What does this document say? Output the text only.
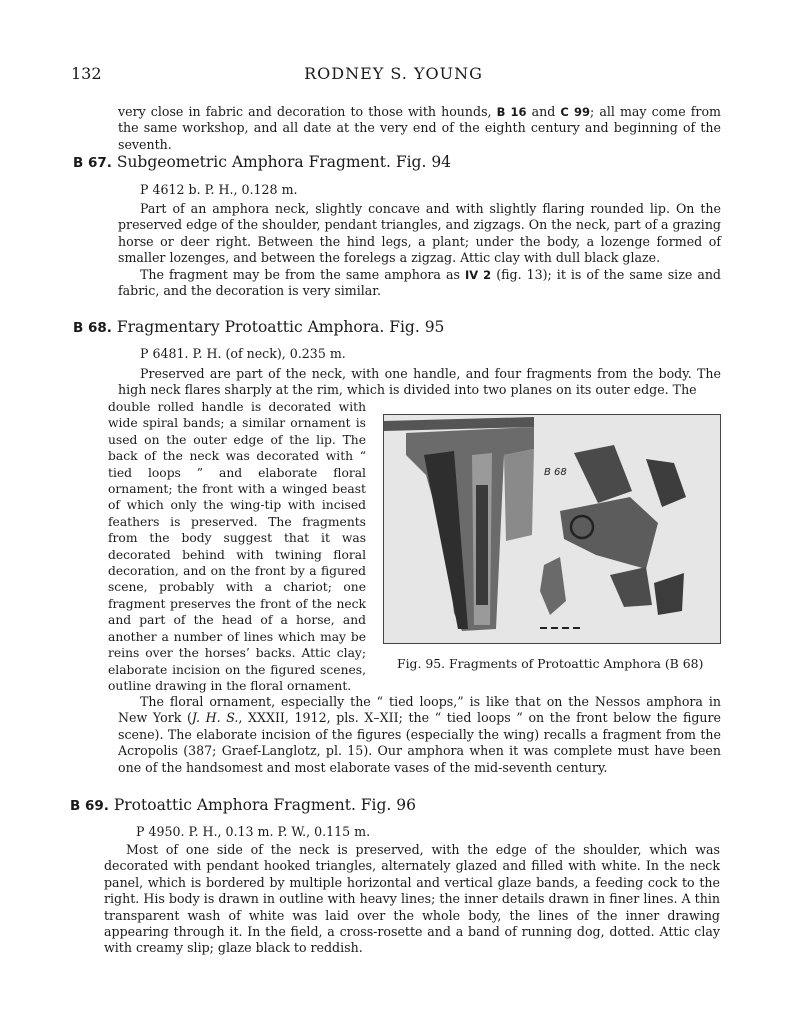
132	RODNEY S. YOUNG

very close in fabric and decoration to those with hounds, B 16 and C 99; all may come from the same workshop, and all date at the very end of the eighth century and beginning of the seventh.

B 67. Subgeometric Amphora Fragment. Fig. 94
P 4612 b. P. H., 0.128 m.

Part of an amphora neck, slightly concave and with slightly flaring rounded lip. On the preserved edge of the shoulder, pendant triangles, and zigzags. On the neck, part of a grazing horse or deer right. Between the hind legs, a plant; under the body, a lozenge formed of smaller lozenges, and between the forelegs a zigzag. Attic clay with dull black glaze.

The fragment may be from the same amphora as IV 2 (fig. 13); it is of the same size and fabric, and the decoration is very similar.

B 68. Fragmentary Protoattic Amphora. Fig. 95
P 6481. P. H. (of neck), 0.235 m.

Preserved are part of the neck, with one handle, and four fragments from the body. The high neck flares sharply at the rim, which is divided into two planes on its outer edge. The

double rolled handle is decorated with wide spiral bands; a similar ornament is used on the outer edge of the lip. The back of the neck was decorated with “ tied loops ” and elaborate floral ornament; the front with a winged beast of which only the wing-tip with incised feathers is preserved. The fragments from the body suggest that it was decorated behind with twining floral decoration, and on the front by a figured scene, probably with a chariot; one fragment preserves the front of the neck and part of the head of a horse, and another a number of lines which may be reins over the horses’ backs. Attic clay; elaborate incision on the figured scenes, outline drawing in the floral ornament.

B 68
Fig. 95. Fragments of Protoattic Amphora (B 68)

The floral ornament, especially the “ tied loops,” is like that on the Nessos amphora in New York (J. H. S., XXXII, 1912, pls. X–XII; the “ tied loops ” on the front below the figure scene). The elaborate incision of the figures (especially the wing) recalls a fragment from the Acropolis (387; Graef-Langlotz, pl. 15). Our amphora when it was complete must have been one of the handsomest and most elaborate vases of the mid-seventh century.

B 69. Protoattic Amphora Fragment. Fig. 96
P 4950. P. H., 0.13 m. P. W., 0.115 m.

Most of one side of the neck is preserved, with the edge of the shoulder, which was decorated with pendant hooked triangles, alternately glazed and filled with white. In the neck panel, which is bordered by multiple horizontal and vertical glaze bands, a feeding cock to the right. His body is drawn in outline with heavy lines; the inner details drawn in finer lines. A thin transparent wash of white was laid over the whole body, the lines of the inner drawing appearing through it. In the field, a cross-rosette and a band of running dog, dotted. Attic clay with creamy slip; glaze black to reddish.
